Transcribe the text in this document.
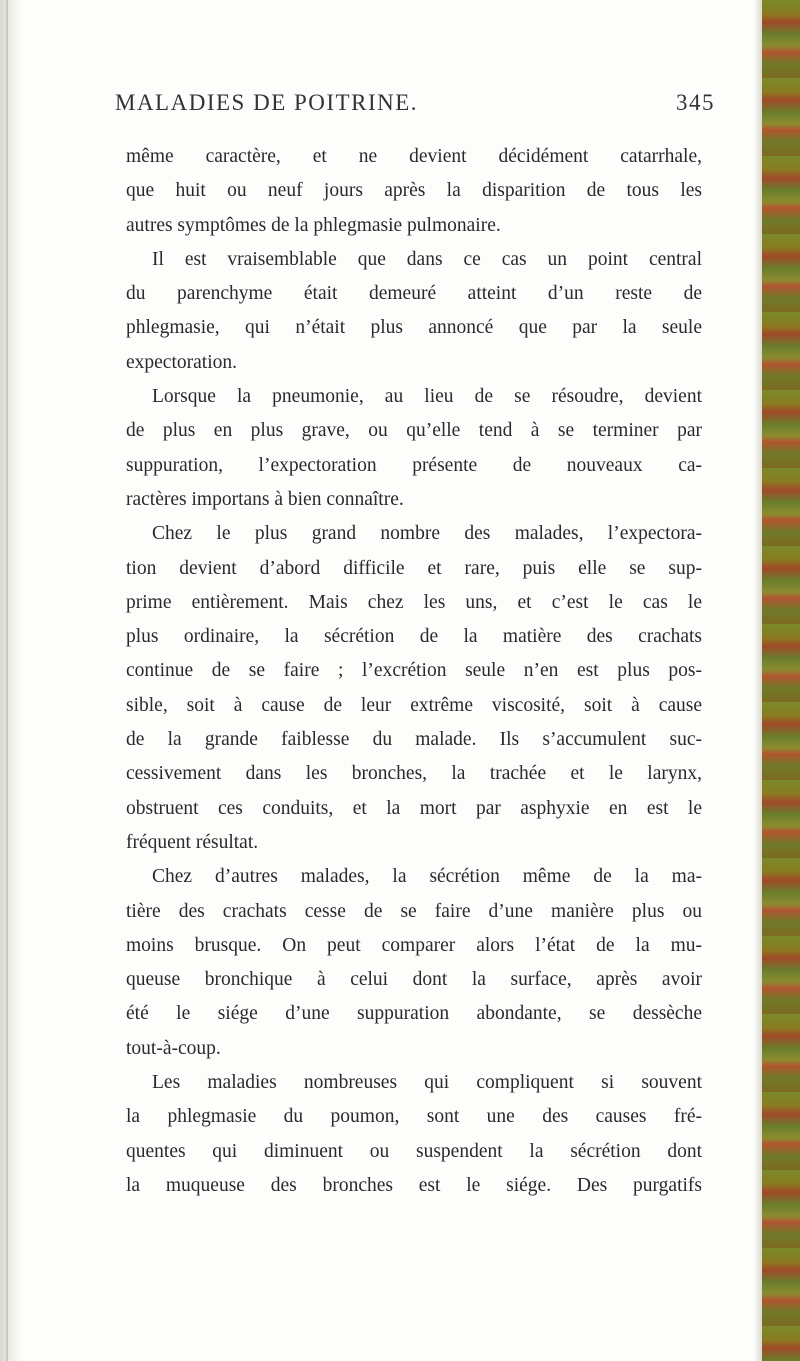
MALADIES DE POITRINE.	345
même caractère, et ne devient décidément catarrhale,
que huit ou neuf jours après la disparition de tous les
autres symptômes de la phlegmasie pulmonaire.
Il est vraisemblable que dans ce cas un point central
du parenchyme était demeuré atteint d’un reste de
phlegmasie, qui n’était plus annoncé que par la seule
expectoration.
Lorsque la pneumonie, au lieu de se résoudre, devient
de plus en plus grave, ou qu’elle tend à se terminer par
suppuration, l’expectoration présente de nouveaux ca-
ractères importans à bien connaître.
Chez le plus grand nombre des malades, l’expectora-
tion devient d’abord difficile et rare, puis elle se sup-
prime entièrement. Mais chez les uns, et c’est le cas le
plus ordinaire, la sécrétion de la matière des crachats
continue de se faire ; l’excrétion seule n’en est plus pos-
sible, soit à cause de leur extrême viscosité, soit à cause
de la grande faiblesse du malade. Ils s’accumulent suc-
cessivement dans les bronches, la trachée et le larynx,
obstruent ces conduits, et la mort par asphyxie en est le
fréquent résultat.
Chez d’autres malades, la sécrétion même de la ma-
tière des crachats cesse de se faire d’une manière plus ou
moins brusque. On peut comparer alors l’état de la mu-
queuse bronchique à celui dont la surface, après avoir
été le siége d’une suppuration abondante, se dessèche
tout-à-coup.
Les maladies nombreuses qui compliquent si souvent
la phlegmasie du poumon, sont une des causes fré-
quentes qui diminuent ou suspendent la sécrétion dont
la muqueuse des bronches est le siége. Des purgatifs
